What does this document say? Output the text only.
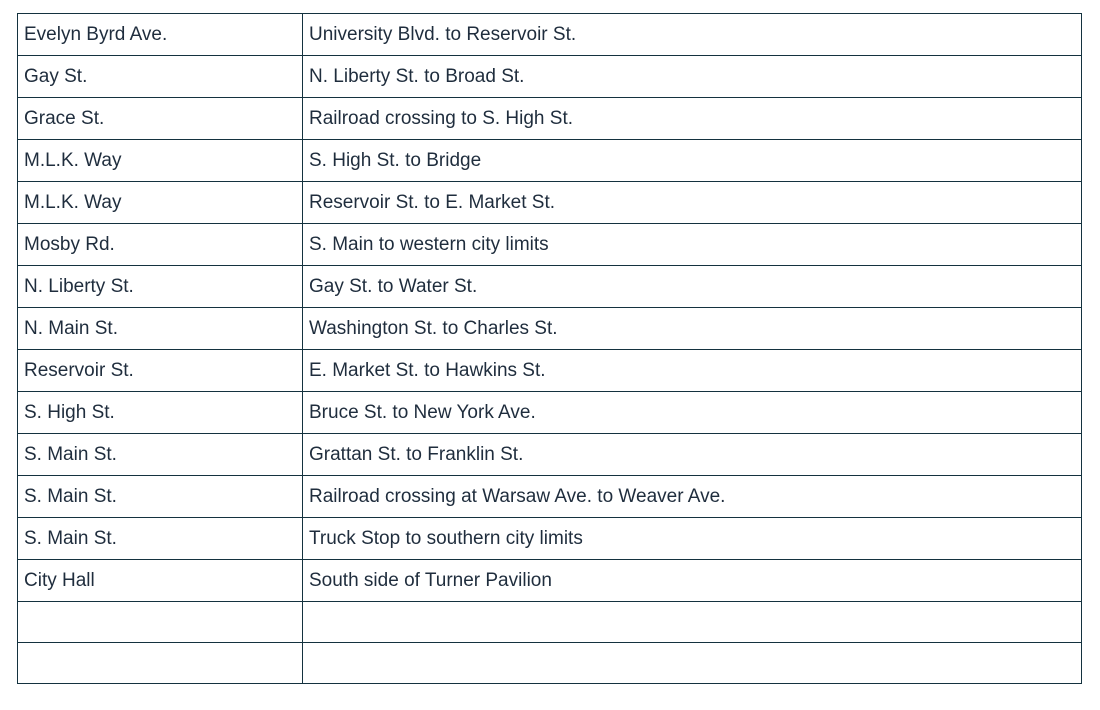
Evelyn Byrd Ave.	University Blvd. to Reservoir St.
Gay St.	N. Liberty St. to Broad St.
Grace St.	Railroad crossing to S. High St.
M.L.K. Way	S. High St. to Bridge
M.L.K. Way	Reservoir St. to E. Market St.
Mosby Rd.	S. Main to western city limits
N. Liberty St.	Gay St. to Water St.
N. Main St.	Washington St. to Charles St.
Reservoir St.	E. Market St. to Hawkins St.
S. High St.	Bruce St. to New York Ave.
S. Main St.	Grattan St. to Franklin St.
S. Main St.	Railroad crossing at Warsaw Ave. to Weaver Ave.
S. Main St.	Truck Stop to southern city limits
City Hall	South side of Turner Pavilion
